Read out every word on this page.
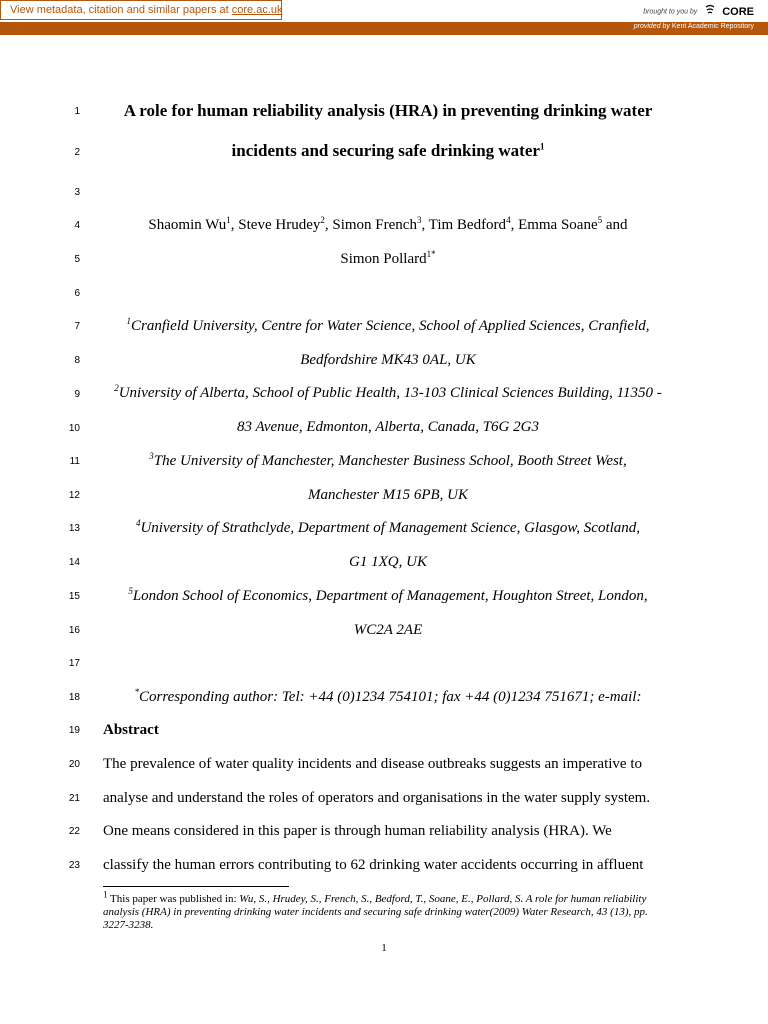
View metadata, citation and similar papers at core.ac.uk	brought to you by CORE
provided by Kent Academic Repository
1
2
3
4
5
6
7
8
9
10
11
12
13
14
15
16
17
18
19
20
21
22
23
A role for human reliability analysis (HRA) in preventing drinking water
incidents and securing safe drinking water$^1$
Shaomin Wu$^1$, Steve Hrudey$^2$, Simon French$^3$, Tim Bedford$^4$, Emma Soane$^5$ and
Simon Pollard$^{1*}$
$^1$Cranfield University, Centre for Water Science, School of Applied Sciences, Cranfield,
Bedfordshire MK43 0AL, UK
$^2$University of Alberta, School of Public Health, 13-103 Clinical Sciences Building, 11350 -
83 Avenue, Edmonton, Alberta, Canada, T6G 2G3
$^3$The University of Manchester, Manchester Business School, Booth Street West,
Manchester M15 6PB, UK
$^4$University of Strathclyde, Department of Management Science, Glasgow, Scotland,
G1 1XQ, UK
$^5$London School of Economics, Department of Management, Houghton Street, London,
WC2A 2AE
*Corresponding author: Tel: +44 (0)1234 754101; fax +44 (0)1234 751671; e-mail:
Abstract
The prevalence of water quality incidents and disease outbreaks suggests an imperative to
analyse and understand the roles of operators and organisations in the water supply system.
One means considered in this paper is through human reliability analysis (HRA). We
classify the human errors contributing to 62 drinking water accidents occurring in affluent
$^1$ This paper was published in: Wu, S., Hrudey, S., French, S., Bedford, T., Soane, E., Pollard, S. A role for human reliability analysis (HRA) in preventing drinking water incidents and securing safe drinking water(2009) Water Research, 43 (13), pp. 3227-3238.
1
